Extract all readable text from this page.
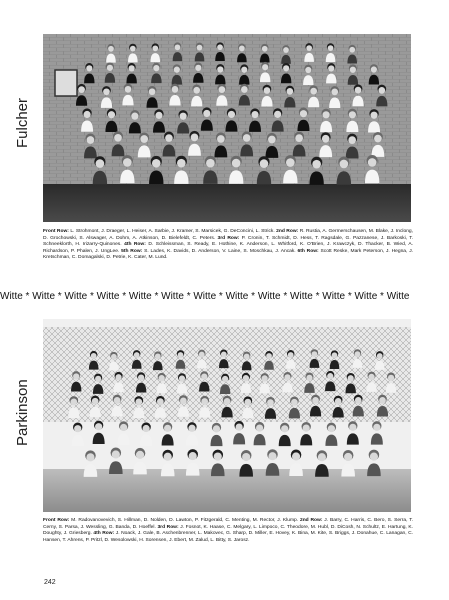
Fulcher
Front Row: L. Strohmont, J. Draeger, L. Heiser, A. Sarbie, J. Kramer, S. Marsicek, G. DeConcini, L. Strick. 2nd Row: R. Rustia, A. Germerschausen, M. Blake, J. Inclong, D. Grochowski, S. Alswager, A. Dohm, A. Atkinson, D. Bielefeldt, C. Peters. 3rd Row: P. Cronin, T. Schmidt, D. Hess, T. Ragsdale, G. Pazzanese, J. Barkoski, T. Schneeklorth, H. Irizarry-Quinones. 4th Row: D. Schleissman, S. Ready, E. Hothine, K. Anderson, L. Whitford, K. O'Brien, J. Krawczyk, D. Thacker, B. Wied, A. Richardson, P. Phalen, J. UngLee. 5th Row: S. Lades, K. Davids, D. Anderson, V. Laine, S. Moschkau, J. Ancak. 6th Row: Scott Reske, Mark Peterson, J. Hegna, J. Kretschman, C. Domagalski, D. Petrie, K. Cater, M. Lund.
Witte * Witte * Witte * Witte * Witte * Witte * Witte * Witte * Witte * Witte * Witte * Witte * Witte
Parkinson
Front Row: M. Radovanovevich, S. Hillman, D. Nolden, D. Lawton, P. Fitzgerald, C. Menting, M. Rector, J. Klump. 2nd Row: J. Barry, C. Harris, C. Bero, S. Serra, T. Cerny, S. Parsa, J. Wessling, G. Banda, D. Hoeffel. 3rd Row: J. Fosnot, K. Haase, C. Melgary, L. Limpoco, C. Theodore, M. Hubl, D. DiCosh, N. Schultz, E. Hartung, K. Doughty, J. Griesberg. 4th Row: J. Noack, J. Gale, B. Aschenbrenner, L. Makovec, G. Sharp, D. Miller, E. Hovey, K. Bina, M. Kite, S. Briggs, J. Donahue, C. Lanagan, C. Hansen, T. Ahrens, P. Pritzl, D. Wesolowski, H. Sorensen, J. Ebert, M. Zalud, L. Bitty, S. Jarosz.
242
